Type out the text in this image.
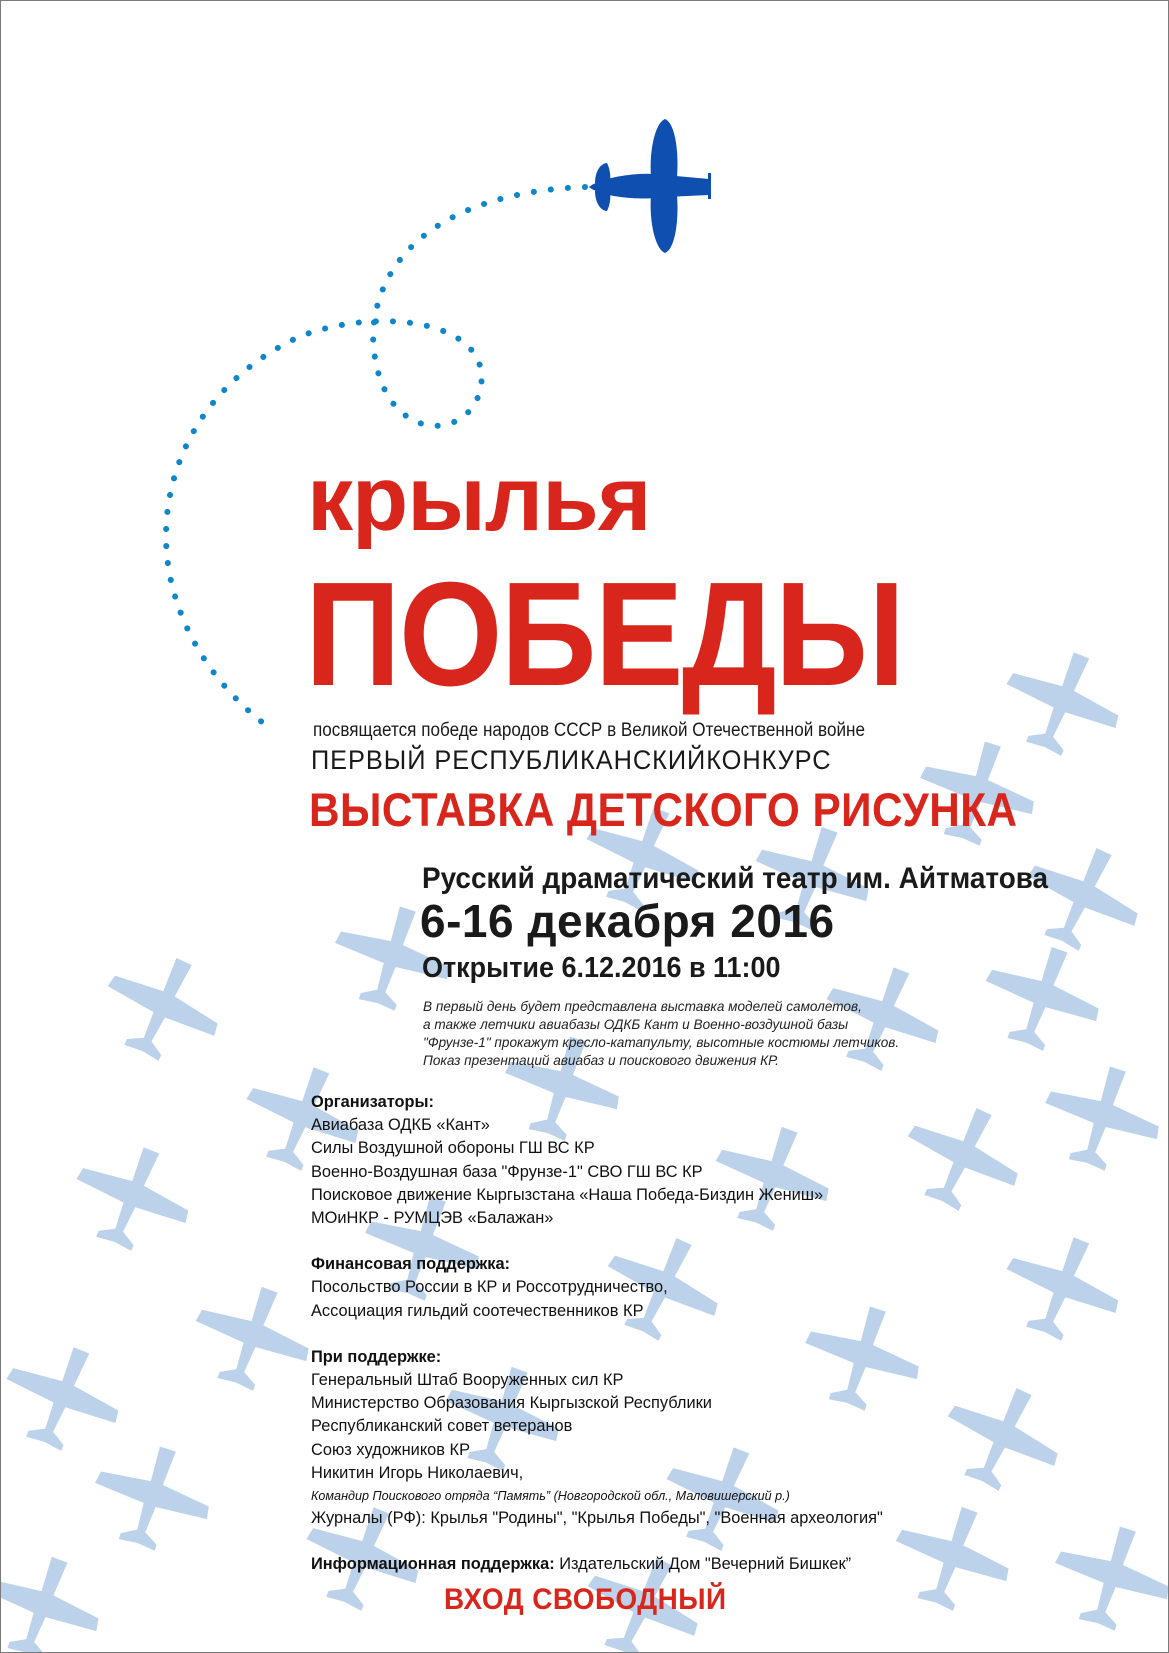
крылья
ПОБЕДЫ
посвящается победе народов СССР в Великой Отечественной войне
ПЕРВЫЙ РЕСПУБЛИКАНСКИЙКОНКУРС
ВЫСТАВКА ДЕТСКОГО РИСУНКА
Русский драматический театр им. Айтматова
6-16 декабря 2016
Открытие 6.12.2016 в 11:00
В первый день будет представлена выставка моделей самолетов,
а также летчики авиабазы ОДКБ Кант и Военно-воздушной базы
"Фрунзе-1" прокажут кресло-катапульту, высотные костюмы летчиков.
Показ презентаций авиабаз и поискового движения КР.
Организаторы:
Авиабаза ОДКБ «Кант»
Силы Воздушной обороны ГШ ВС КР
Военно-Воздушная база "Фрунзе-1" СВО ГШ ВС КР
Поисковое движение Кыргызстана «Наша Победа-Биздин Жениш»
МОиНКР - РУМЦЭВ «Балажан»
Финансовая поддержка:
Посольство России в КР и Россотрудничество,
Ассоциация гильдий соотечественников КР
При поддержке:
Генеральный Штаб Вооруженных сил КР
Министерство Образования Кыргызской Республики
Республиканский совет ветеранов
Союз художников КР
Никитин Игорь Николаевич,
Командир Поискового отряда “Память” (Новгородской обл., Маловишерский р.)
Журналы (РФ): Крылья "Родины", "Крылья Победы", "Военная археология"
Информационная поддержка: Издательский Дом "Вечерний Бишкек”
ВХОД СВОБОДНЫЙ
